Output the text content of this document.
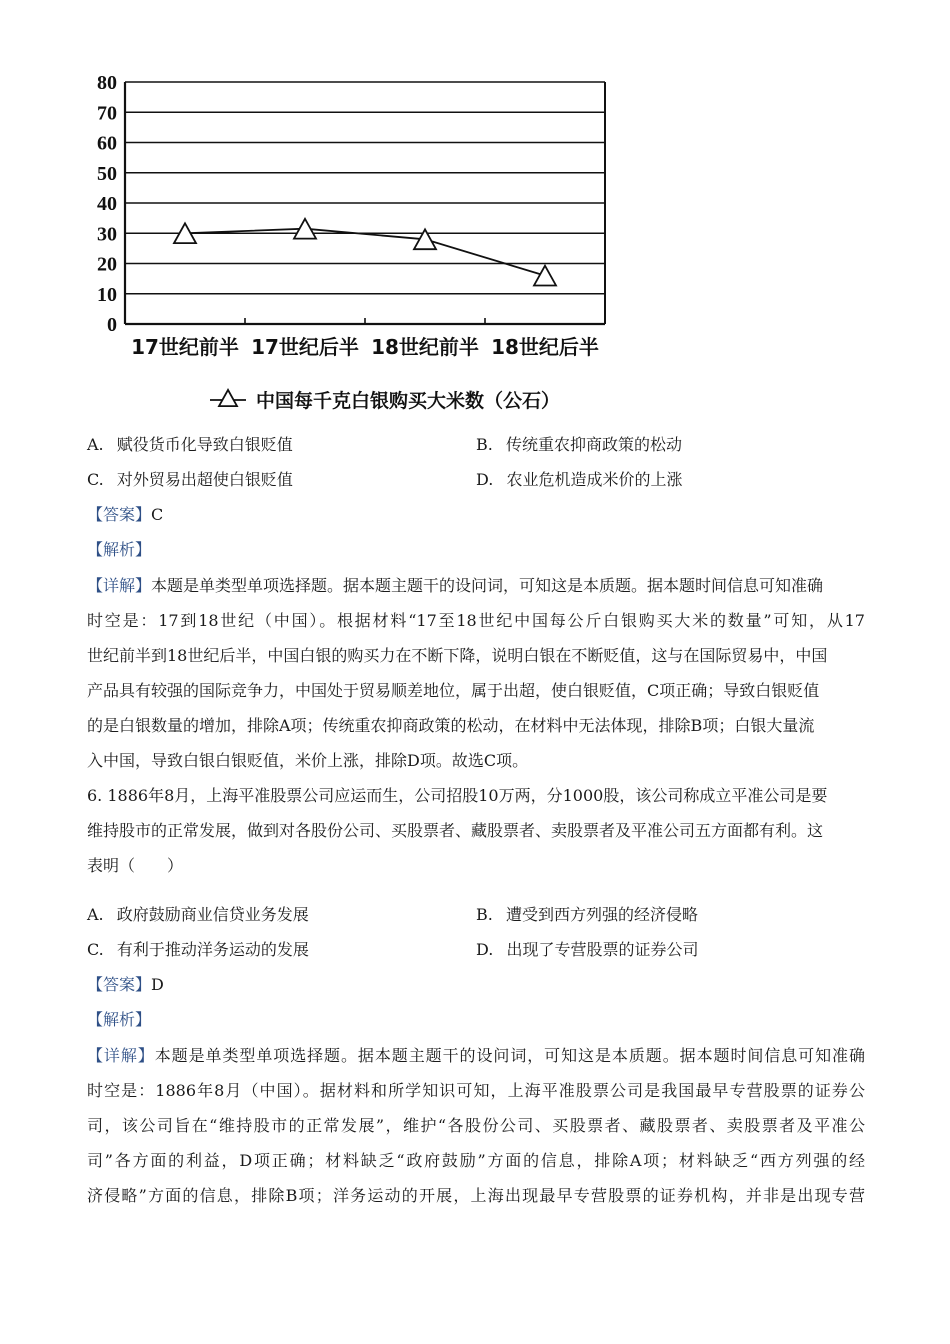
0
10
20
30
40
50
60
70
80
17世纪前半 17世纪后半 18世纪前半 18世纪后半
中国每千克白银购买大米数（公石）
A. 赋役货币化导致白银贬值	B. 传统重农抑商政策的松动
C. 对外贸易出超使白银贬值	D. 农业危机造成米价的上涨
【答案】C
【解析】
【详解】本题是单类型单项选择题。据本题主题干的设问词，可知这是本质题。据本题时间信息可知准确
时空是：17到18世纪（中国）。根据材料“17至18世纪中国每公斤白银购买大米的数量”可知，从17
世纪前半到18世纪后半，中国白银的购买力在不断下降，说明白银在不断贬值，这与在国际贸易中，中国
产品具有较强的国际竞争力，中国处于贸易顺差地位，属于出超，使白银贬值，C项正确；导致白银贬值
的是白银数量的增加，排除A项；传统重农抑商政策的松动，在材料中无法体现，排除B项；白银大量流
入中国，导致白银白银贬值，米价上涨，排除D项。故选C项。
6. 1886年8月，上海平准股票公司应运而生，公司招股10万两，分1000股，该公司称成立平准公司是要
维持股市的正常发展，做到对各股份公司、买股票者、藏股票者、卖股票者及平准公司五方面都有利。这
表明（　　）
A. 政府鼓励商业信贷业务发展	B. 遭受到西方列强的经济侵略
C. 有利于推动洋务运动的发展	D. 出现了专营股票的证券公司
【答案】D
【解析】
【详解】本题是单类型单项选择题。据本题主题干的设问词，可知这是本质题。据本题时间信息可知准确
时空是：1886年8月（中国）。据材料和所学知识可知，上海平准股票公司是我国最早专营股票的证券公
司，该公司旨在“维持股市的正常发展”，维护“各股份公司、买股票者、藏股票者、卖股票者及平准公
司”各方面的利益，D项正确；材料缺乏“政府鼓励”方面的信息，排除A项；材料缺乏“西方列强的经
济侵略”方面的信息，排除B项；洋务运动的开展，上海出现最早专营股票的证券机构，并非是出现专营
